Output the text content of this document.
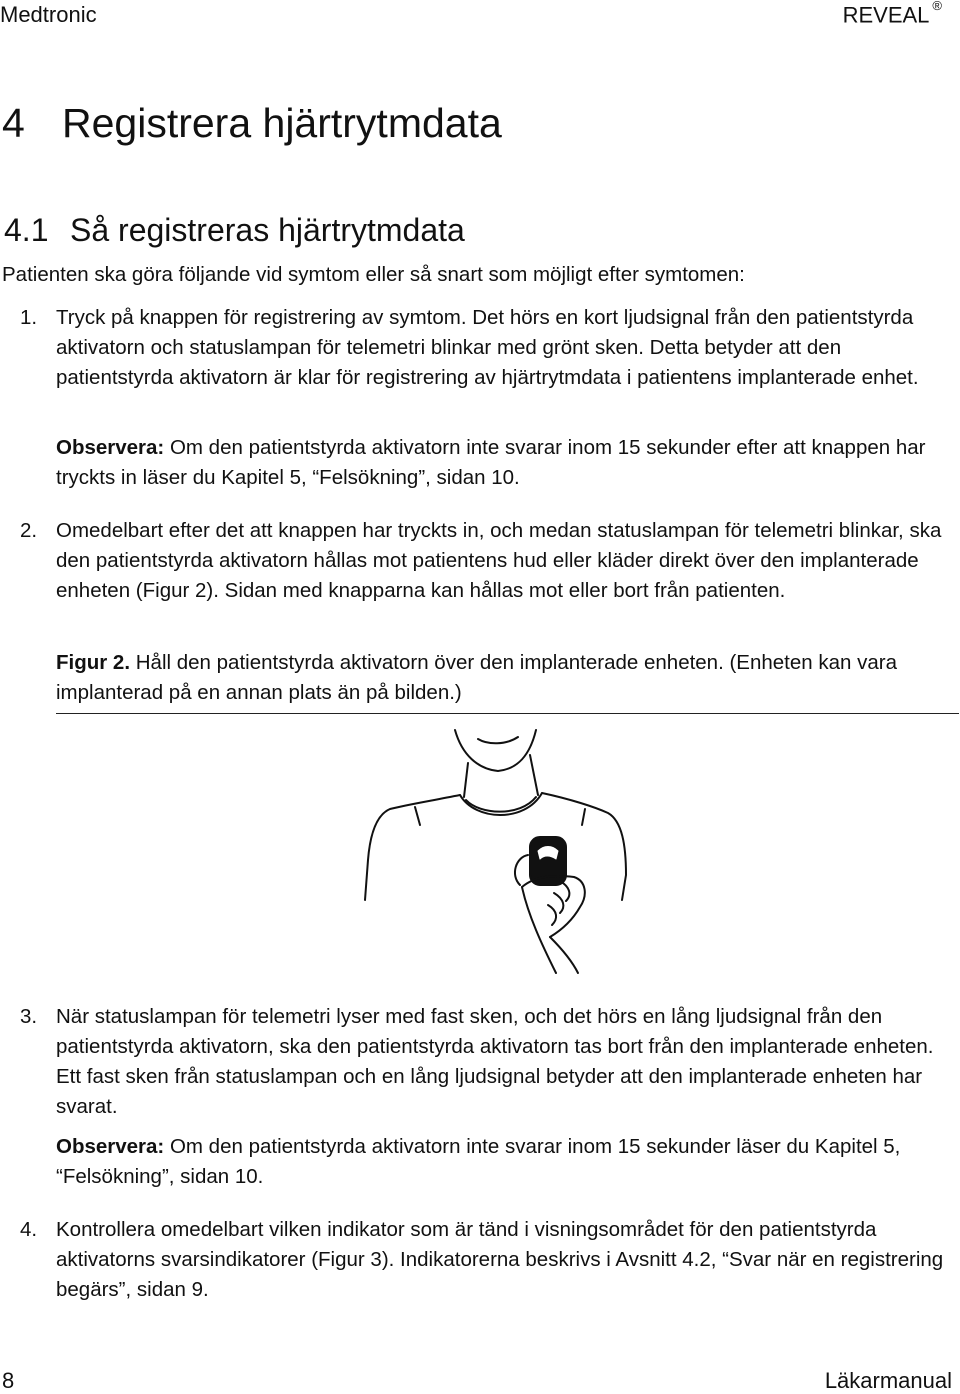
Medtronic	REVEAL ®
4 Registrera hjärtrytmdata
4.1 Så registreras hjärtrytmdata

Patienten ska göra följande vid symtom eller så snart som möjligt efter symtomen:

1. Tryck på knappen för registrering av symtom. Det hörs en kort ljudsignal från den patientstyrda aktivatorn och statuslampan för telemetri blinkar med grönt sken. Detta betyder att den patientstyrda aktivatorn är klar för registrering av hjärtrytmdata i patientens implanterade enhet.

Observera: Om den patientstyrda aktivatorn inte svarar inom 15 sekunder efter att knappen har tryckts in läser du Kapitel 5, “Felsökning”, sidan 10.

2. Omedelbart efter det att knappen har tryckts in, och medan statuslampan för telemetri blinkar, ska den patientstyrda aktivatorn hållas mot patientens hud eller kläder direkt över den implanterade enheten (Figur 2). Sidan med knapparna kan hållas mot eller bort från patienten.

Figur 2. Håll den patientstyrda aktivatorn över den implanterade enheten. (Enheten kan vara implanterad på en annan plats än på bilden.)

3. När statuslampan för telemetri lyser med fast sken, och det hörs en lång ljudsignal från den patientstyrda aktivatorn, ska den patientstyrda aktivatorn tas bort från den implanterade enheten. Ett fast sken från statuslampan och en lång ljudsignal betyder att den implanterade enheten har svarat.

Observera: Om den patientstyrda aktivatorn inte svarar inom 15 sekunder läser du Kapitel 5, “Felsökning”, sidan 10.

4. Kontrollera omedelbart vilken indikator som är tänd i visningsområdet för den patientstyrda aktivatorns svarsindikatorer (Figur 3). Indikatorerna beskrivs i Avsnitt 4.2, “Svar när en registrering begärs”, sidan 9.
8	Läkarmanual
